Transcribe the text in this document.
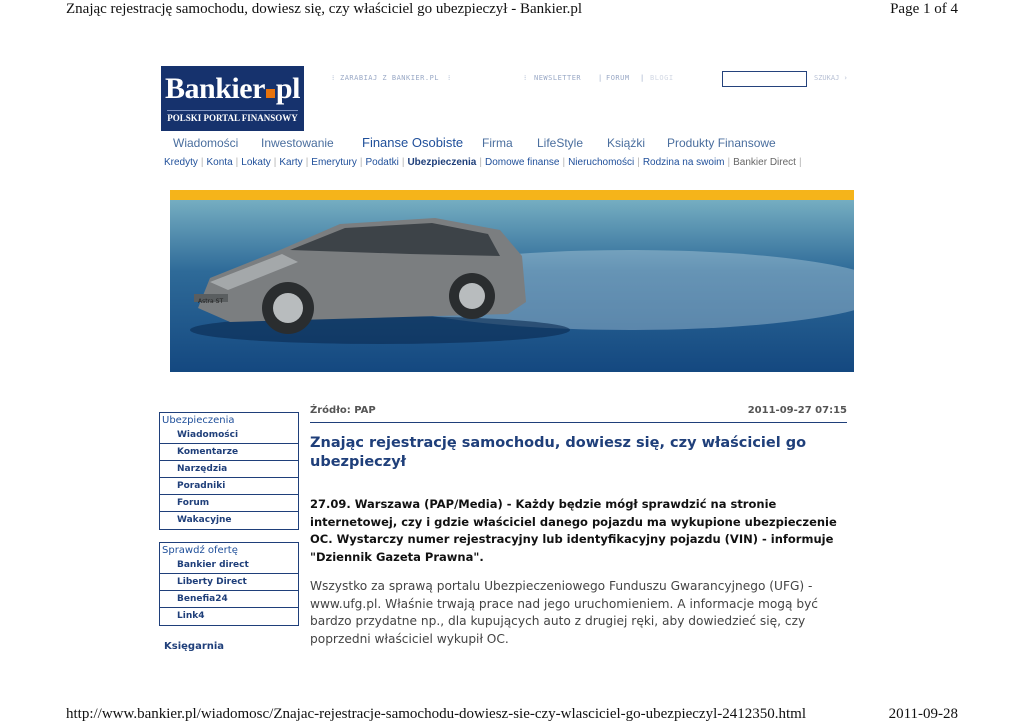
Znając rejestrację samochodu, dowiesz się, czy właściciel go ubezpieczył - Bankier.pl	Page 1 of 4
http://www.bankier.pl/wiadomosc/Znajac-rejestracje-samochodu-dowiesz-sie-czy-wlasciciel-go-ubezpieczyl-2412350.html	2011-09-28
Bankier pl
POLSKI PORTAL FINANSOWY
⁝ ZARABIAJ Z BANKIER.PL ⁝	⁝ NEWSLETTER | FORUM | BLOGI	SZUKAJ ›
Wiadomości Inwestowanie Finanse Osobiste Firma LifeStyle Książki Produkty Finansowe
Kredyty | Konta | Lokaty | Karty | Emerytury | Podatki | Ubezpieczenia | Domowe finanse | Nieruchomości | Rodzina na swoim | Bankier Direct |
Astra ST
Ubezpieczenia
Wiadomości
Komentarze
Narzędzia
Poradniki
Forum
Wakacyjne
Sprawdź ofertę
Bankier direct
Liberty Direct
Benefia24
Link4
Księgarnia
Źródło: PAP	2011-09-27 07:15
Znając rejestrację samochodu, dowiesz się, czy właściciel go ubezpieczył
27.09. Warszawa (PAP/Media) - Każdy będzie mógł sprawdzić na stronie internetowej, czy i gdzie właściciel danego pojazdu ma wykupione ubezpieczenie OC. Wystarczy numer rejestracyjny lub identyfikacyjny pojazdu (VIN) - informuje "Dziennik Gazeta Prawna".
Wszystko za sprawą portalu Ubezpieczeniowego Funduszu Gwarancyjnego (UFG) - www.ufg.pl. Właśnie trwają prace nad jego uruchomieniem. A informacje mogą być bardzo przydatne np., dla kupujących auto z drugiej ręki, aby dowiedzieć się, czy poprzedni właściciel wykupił OC.
